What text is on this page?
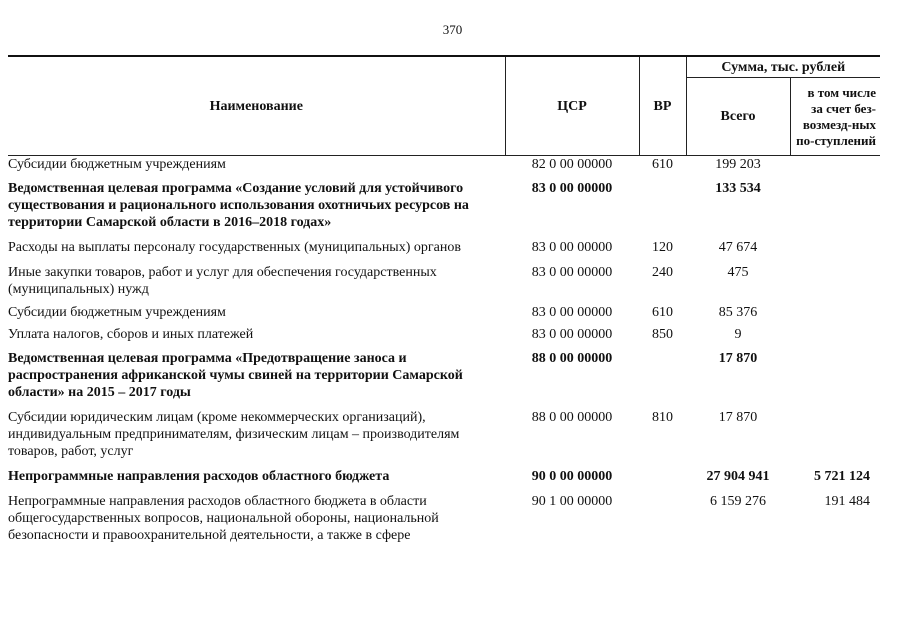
370
Наименование	ЦСР	ВР	Сумма, тыс. рублей	
			Всего	в том числе за счет без-возмезд-ных по-ступлений
Субсидии бюджетным учреждениям	82 0 00 00000	610	199 203	
Ведомственная целевая программа «Создание условий для устойчивого существования и рационального использования охотничьих ресурсов на территории Самарской области в 2016–2018 годах»	83 0 00 00000		133 534	
Расходы на выплаты персоналу государственных (муниципальных) органов	83 0 00 00000	120	47 674	
Иные закупки товаров, работ и услуг для обеспечения государственных (муниципальных) нужд	83 0 00 00000	240	475	
Субсидии бюджетным учреждениям	83 0 00 00000	610	85 376	
Уплата налогов, сборов и иных платежей	83 0 00 00000	850	9	
Ведомственная целевая программа «Предотвращение заноса и распространения африканской чумы свиней на территории Самарской области» на 2015 – 2017 годы	88 0 00 00000		17 870	
Субсидии юридическим лицам (кроме некоммерческих организаций), индивидуальным предпринимателям, физическим лицам – производителям товаров, работ, услуг	88 0 00 00000	810	17 870	
Непрограммные направления расходов областного бюджета	90 0 00 00000		27 904 941	5 721 124
Непрограммные направления расходов областного бюджета в области общегосударственных вопросов, национальной обороны, национальной безопасности и правоохранительной деятельности, а также в сфере	90 1 00 00000		6 159 276	191 484
